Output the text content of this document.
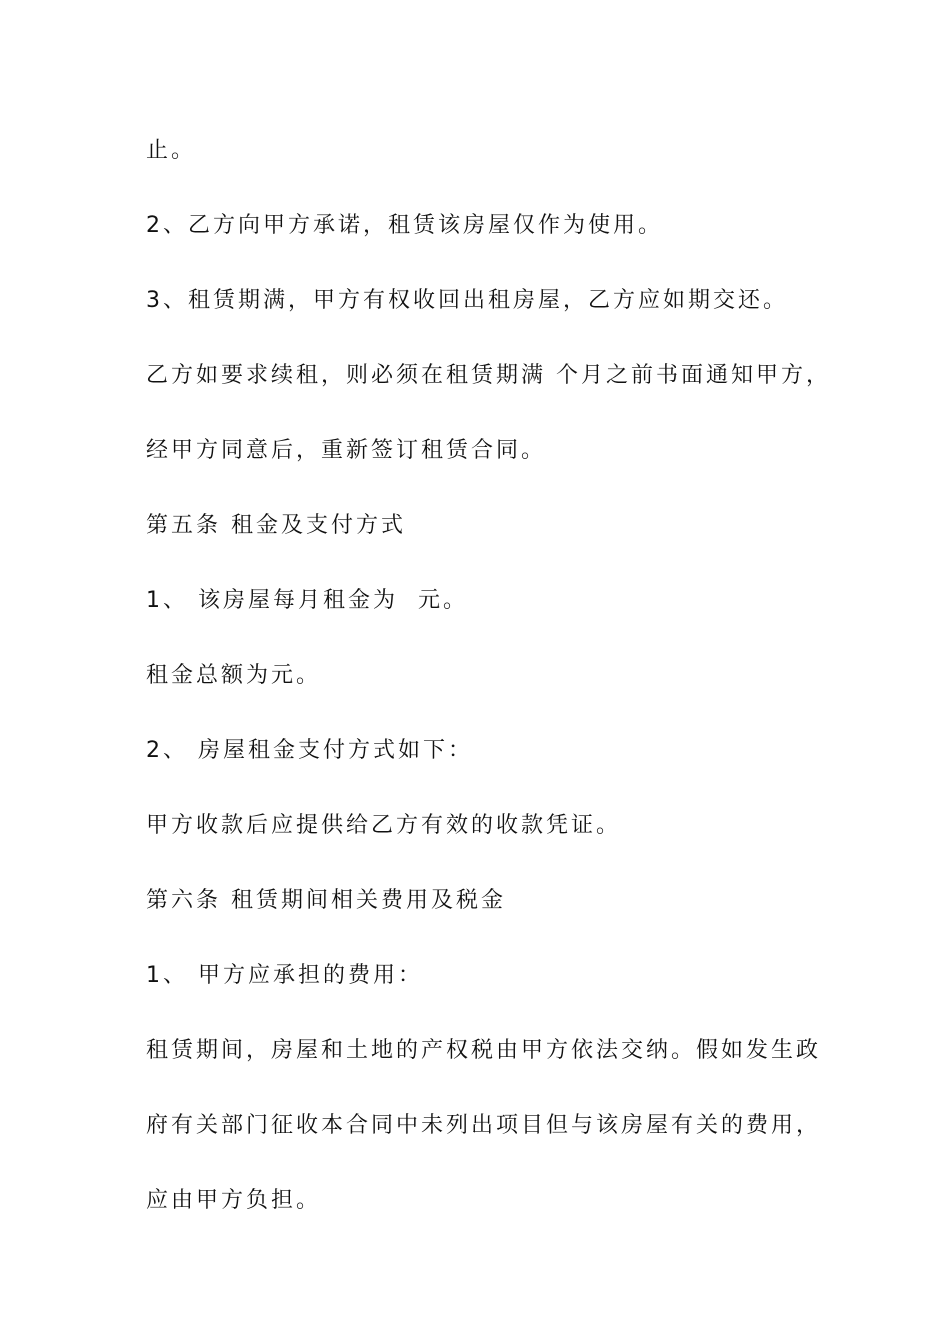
止。
2、乙方向甲方承诺，租赁该房屋仅作为使用。
3、租赁期满，甲方有权收回出租房屋，乙方应如期交还。
乙方如要求续租，则必须在租赁期满 个月之前书面通知甲方，
经甲方同意后，重新签订租赁合同。
第五条 租金及支付方式
1、 该房屋每月租金为  元。
租金总额为元。
2、 房屋租金支付方式如下：
甲方收款后应提供给乙方有效的收款凭证。
第六条 租赁期间相关费用及税金
1、 甲方应承担的费用：
租赁期间，房屋和土地的产权税由甲方依法交纳。假如发生政
府有关部门征收本合同中未列出项目但与该房屋有关的费用，
应由甲方负担。
